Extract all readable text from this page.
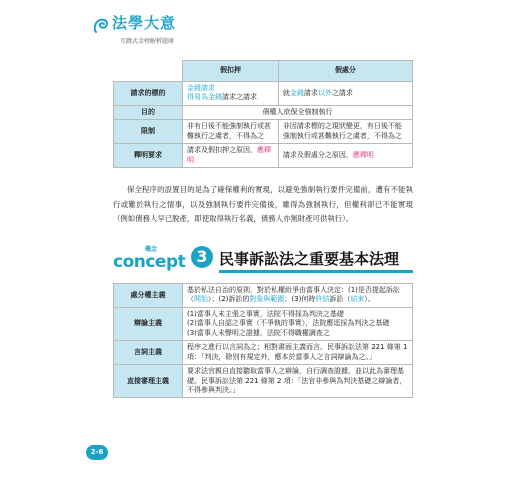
法學大意
互跳式金榜解析題庫
	假扣押	假處分
請求的標的	金錢請求
得易為金錢請求之請求	就金錢請求以外之請求
目的	債權人欲保全強制執行	
限制	非有日後不能強制執行或甚難執行之虞者，不得為之	非因請求標的之現狀變更，有日後不能強制執行或甚難執行之虞者，不得為之
釋明要求	請求及假扣押之原因，應釋明	請求及假處分之原因，應釋明
保全程序的設置目的是為了確保權利的實現，以避免強制執行要件完備前，遭有不能執行或難於執行之情事，以及強制執行要件完備後，雖得為強制執行，但權利卻已不能實現（例如債務人早已脫產，即使取得執行名義，債務人亦無財產可供執行）。
concept
概念	3 民事訴訟法之重要基本法理
處分權主義	基於私法自治的原則，對於私權紛爭由當事人決定：(1)是否提起訴訟（開始）；(2)訴訟的對象與範圍；(3)何時終結訴訟（結束）。
辯論主義	(1)當事人未主張之事實，法院不得採為判決之基礎
(2)當事人自認之事實（不爭執的事實），法院應逕採為判決之基礎
(3)當事人未聲明之證據，法院不得職權調查之

言詞主義	程序之進行以言詞為之；相對書面主義而言。民事訴訟法第 221 條第 1 項：「判決，除別有規定外，應本於當事人之言詞辯論為之。」
直接審理主義	要求法官親自直接聽取當事人之辯論，自行調查證據，並以此為審理基礎。民事訴訟法第 221 條第 2 項：「法官非參與為判決基礎之辯論者，不得參與判決。」
2-6
